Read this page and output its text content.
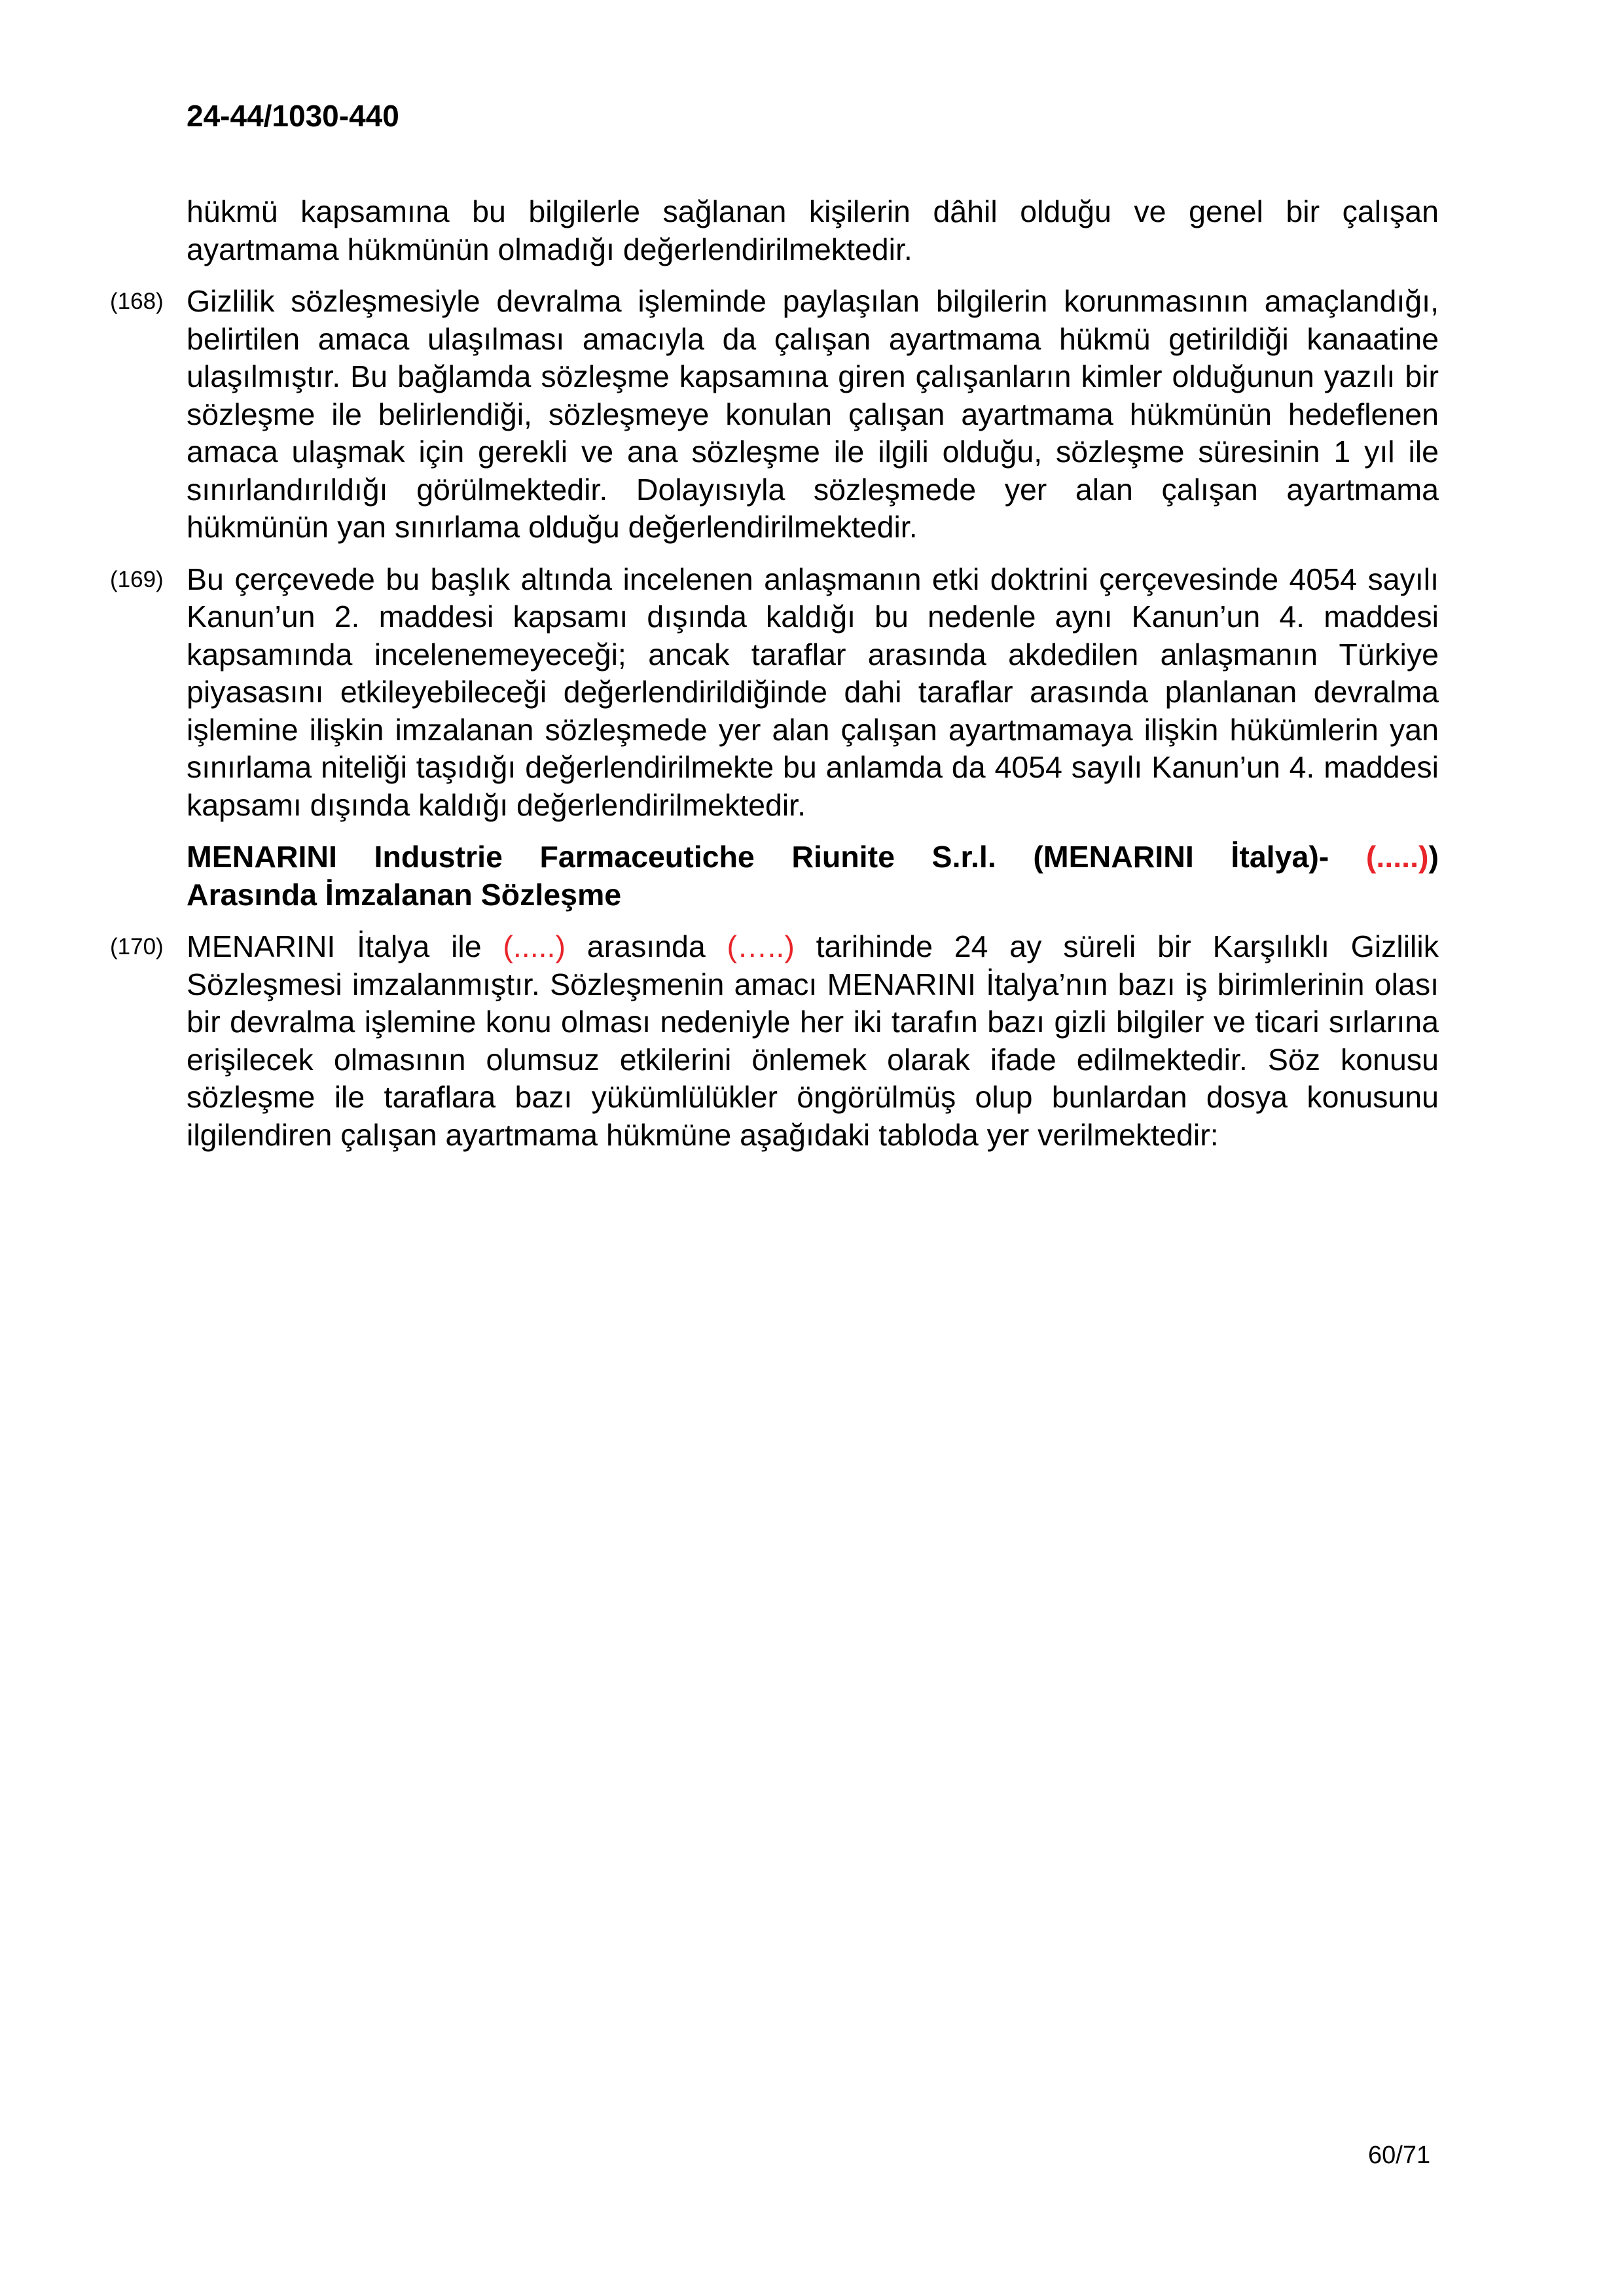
24-44/1030-440

hükmü kapsamına bu bilgilerle sağlanan kişilerin dâhil olduğu ve genel bir çalışan ayartmama hükmünün olmadığı değerlendirilmektedir.

(168) Gizlilik sözleşmesiyle devralma işleminde paylaşılan bilgilerin korunmasının amaçlandığı, belirtilen amaca ulaşılması amacıyla da çalışan ayartmama hükmü getirildiği kanaatine ulaşılmıştır. Bu bağlamda sözleşme kapsamına giren çalışanların kimler olduğunun yazılı bir sözleşme ile belirlendiği, sözleşmeye konulan çalışan ayartmama hükmünün hedeflenen amaca ulaşmak için gerekli ve ana sözleşme ile ilgili olduğu, sözleşme süresinin 1 yıl ile sınırlandırıldığı görülmektedir. Dolayısıyla sözleşmede yer alan çalışan ayartmama hükmünün yan sınırlama olduğu değerlendirilmektedir.
(169) Bu çerçevede bu başlık altında incelenen anlaşmanın etki doktrini çerçevesinde 4054 sayılı Kanun’un 2. maddesi kapsamı dışında kaldığı bu nedenle aynı Kanun’un 4. maddesi kapsamında incelenemeyeceği; ancak taraflar arasında akdedilen anlaşmanın Türkiye piyasasını etkileyebileceği değerlendirildiğinde dahi taraflar arasında planlanan devralma işlemine ilişkin imzalanan sözleşmede yer alan çalışan ayartmamaya ilişkin hükümlerin yan sınırlama niteliği taşıdığı değerlendirilmekte bu anlamda da 4054 sayılı Kanun’un 4. maddesi kapsamı dışında kaldığı değerlendirilmektedir.
MENARINI Industrie Farmaceutiche Riunite S.r.l. (MENARINI İtalya)- (.....))
Arasında İmzalanan Sözleşme
(170) MENARINI İtalya ile (.....) arasında (…..) tarihinde 24 ay süreli bir Karşılıklı Gizlilik Sözleşmesi imzalanmıştır. Sözleşmenin amacı MENARINI İtalya’nın bazı iş birimlerinin olası bir devralma işlemine konu olması nedeniyle her iki tarafın bazı gizli bilgiler ve ticari sırlarına erişilecek olmasının olumsuz etkilerini önlemek olarak ifade edilmektedir. Söz konusu sözleşme ile taraflara bazı yükümlülükler öngörülmüş olup bunlardan dosya konusunu ilgilendiren çalışan ayartmama hükmüne aşağıdaki tabloda yer verilmektedir:
60/71
